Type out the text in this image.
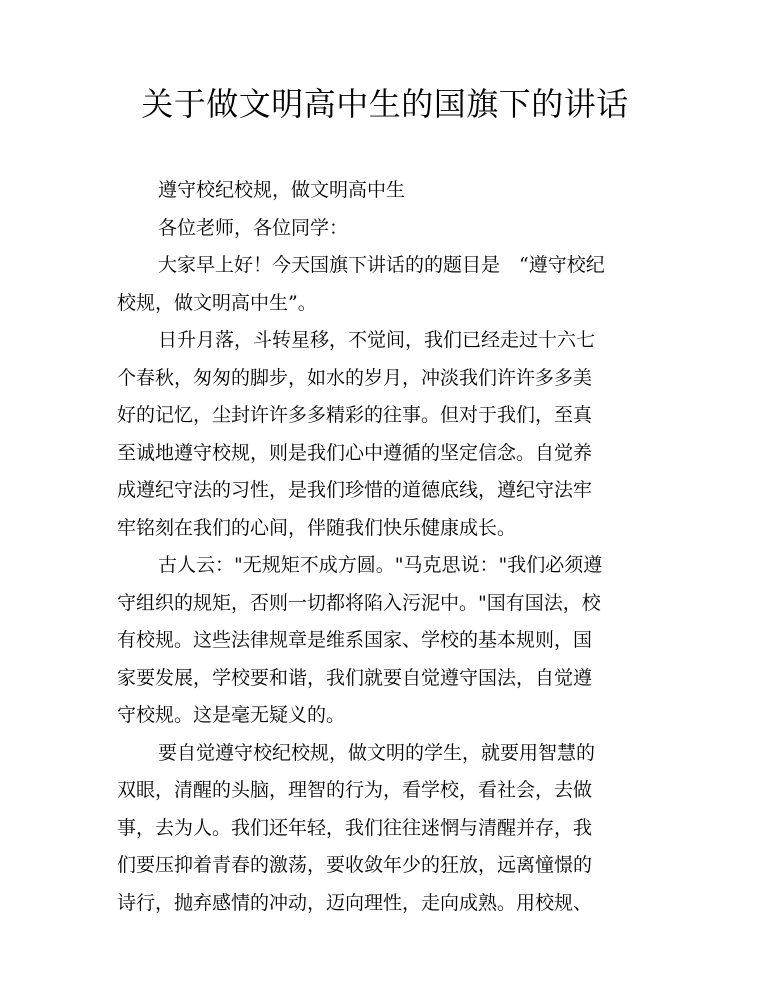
关于做文明高中生的国旗下的讲话
遵守校纪校规，做文明高中生
各位老师，各位同学：
大家早上好！今天国旗下讲话的的题目是　“遵守校纪
校规，做文明高中生”。
日升月落，斗转星移，不觉间，我们已经走过十六七
个春秋，匆匆的脚步，如水的岁月，冲淡我们许许多多美
好的记忆，尘封许许多多精彩的往事。但对于我们，至真
至诚地遵守校规，则是我们心中遵循的坚定信念。自觉养
成遵纪守法的习性，是我们珍惜的道德底线，遵纪守法牢
牢铭刻在我们的心间，伴随我们快乐健康成长。
古人云："无规矩不成方圆。"马克思说："我们必须遵
守组织的规矩，否则一切都将陷入污泥中。"国有国法，校
有校规。这些法律规章是维系国家、学校的基本规则，国
家要发展，学校要和谐，我们就要自觉遵守国法，自觉遵
守校规。这是毫无疑义的。
要自觉遵守校纪校规，做文明的学生，就要用智慧的
双眼，清醒的头脑，理智的行为，看学校，看社会，去做
事，去为人。我们还年轻，我们往往迷惘与清醒并存，我
们要压抑着青春的激荡，要收敛年少的狂放，远离憧憬的
诗行，抛弃感情的冲动，迈向理性，走向成熟。用校规、
